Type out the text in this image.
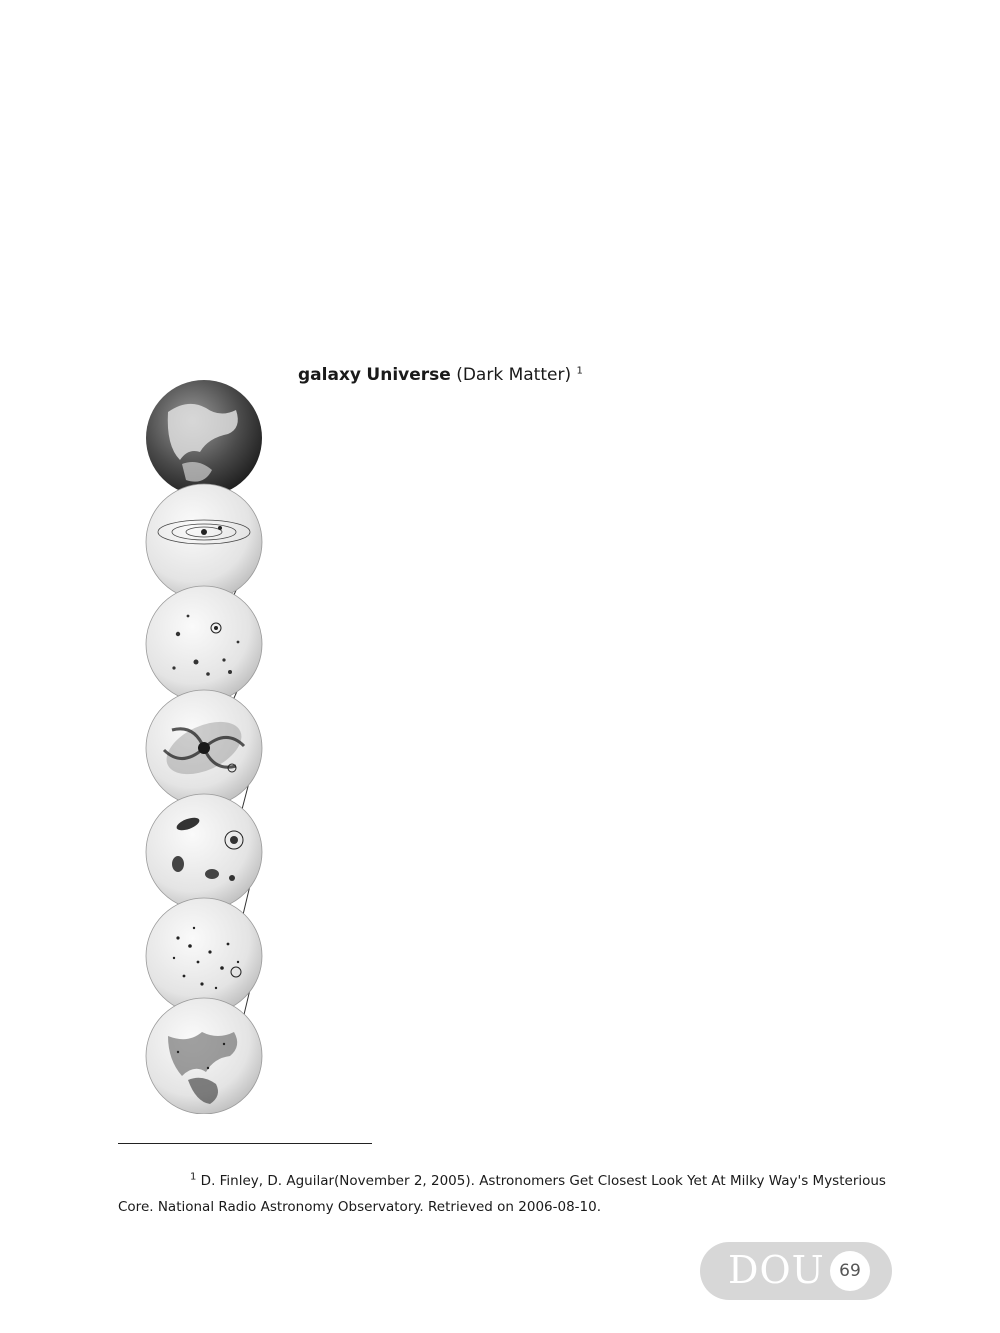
galaxy Universe (Dark Matter) $^1$

$^1$ D. Finley, D. Aguilar(November 2, 2005). Astronomers Get Closest Look Yet At Milky Way's Mysterious Core. National Radio Astronomy Observatory. Retrieved on 2006-08-10.
DOU 69
